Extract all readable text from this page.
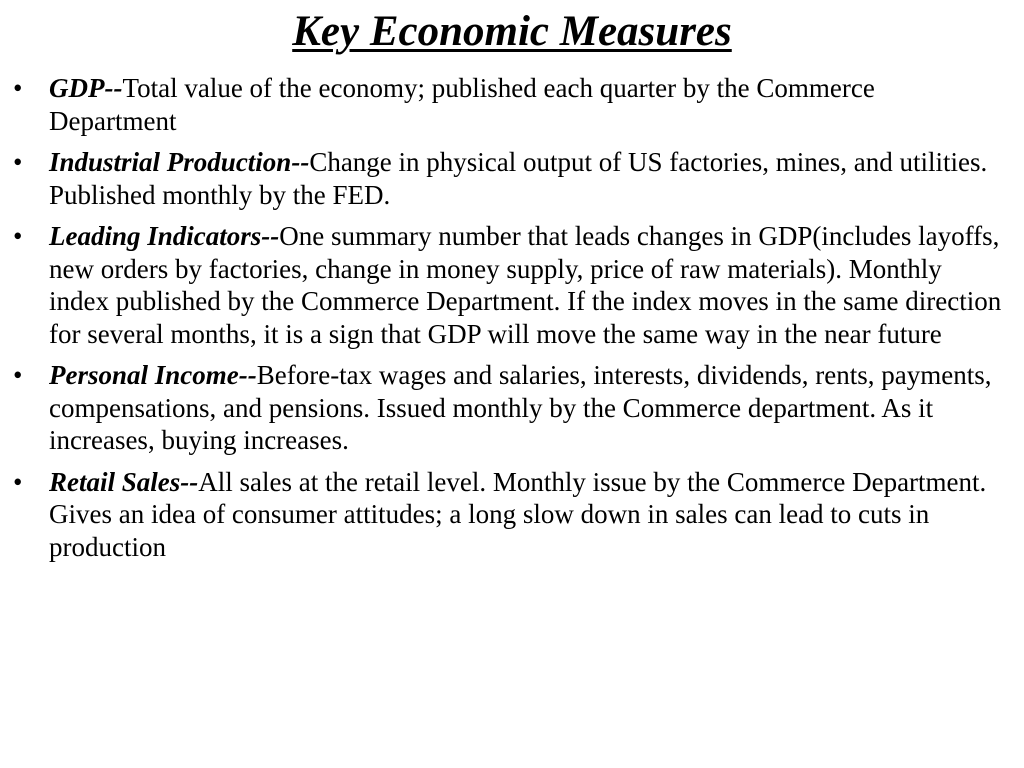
Key Economic Measures
• GDP--Total value of the economy; published each quarter by the Commerce Department
• Industrial Production--Change in physical output of US factories, mines, and utilities. Published monthly by the FED.
• Leading Indicators--One summary number that leads changes in GDP(includes layoffs, new orders by factories, change in money supply, price of raw materials). Monthly index published by the Commerce Department. If the index moves in the same direction for several months, it is a sign that GDP will move the same way in the near future
• Personal Income--Before-tax wages and salaries, interests, dividends, rents, payments, compensations, and pensions. Issued monthly by the Commerce department. As it increases, buying increases.
• Retail Sales--All sales at the retail level. Monthly issue by the Commerce Department. Gives an idea of consumer attitudes; a long slow down in sales can lead to cuts in production
